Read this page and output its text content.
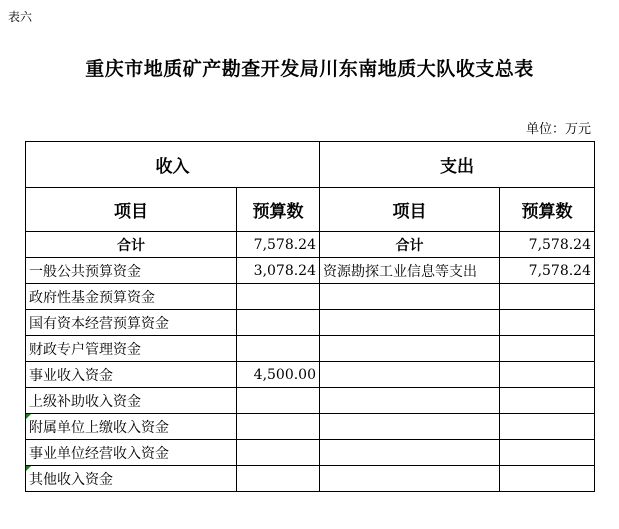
表六
重庆市地质矿产勘查开发局川东南地质大队收支总表
单位：万元
收入		支出	
项目	预算数	项目	预算数
合计	7,578.24	合计	7,578.24
一般公共预算资金	3,078.24	资源勘探工业信息等支出	7,578.24
政府性基金预算资金			
国有资本经营预算资金			
财政专户管理资金			
事业收入资金	4,500.00		
上级补助收入资金			

附属单位上缴收入资金			
事业单位经营收入资金			

其他收入资金			
